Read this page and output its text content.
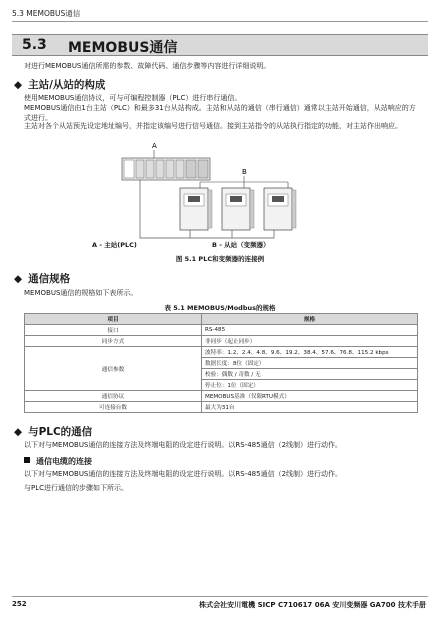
5.3 MEMOBUS通信
5.3 MEMOBUS通信
对进行MEMOBUS通信所需的参数、故障代码、通信步骤等内容进行详细说明。
◆ 主站/从站的构成
使用MEMOBUS通信协议，可与可编程控制器（PLC）进行串行通信。
MEMOBUS通信由1台主站（PLC）和最多31台从站构成。主站和从站的通信（串行通信）通常以主站开始通信，从站响应的方式进行。
主站对各个从站预先设定地址编号，并指定该编号进行信号通信。接到主站指令的从站执行指定的功能，对主站作出响应。
A
B
A - 主站(PLC)	B - 从站（变频器）
图 5.1 PLC和变频器的连接例
◆ 通信规格
MEMOBUS通信的规格如下表所示。
表 5.1 MEMOBUS/Modbus的规格
项目	规格
接口	RS-485
同步方式	非同步（起止同步）
通信参数	波特率：1.2、2.4、4.8、9.6、19.2、38.4、57.6、76.8、115.2 kbps
	数据长度：8位（固定）
	校验：偶数 / 奇数 / 无
	停止位：1位（固定）
通信协议	MEMOBUS基准（仅限RTU模式）
可连接台数	最大为31台
◆ 与PLC的通信
以下对与MEMOBUS通信的连接方法及终端电阻的设定进行说明。以RS-485通信（2线制）进行动作。
通信电缆的连接
以下对与MEMOBUS通信的连接方法及终端电阻的设定进行说明。以RS-485通信（2线制）进行动作。
与PLC进行通信的步骤如下所示。
252	株式会社安川電機 SICP C710617 06A 安川变频器 GA700 技术手册
